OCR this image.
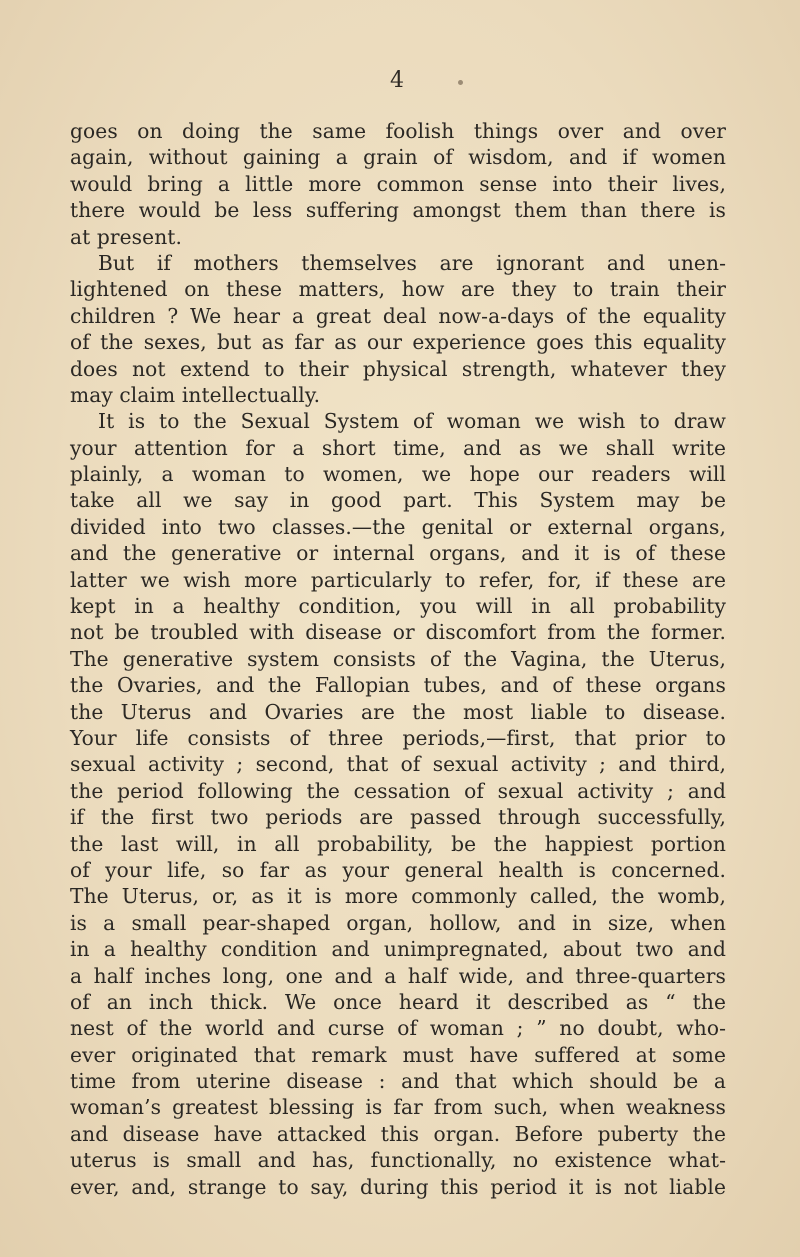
4
goes on doing the same foolish things over and over
again, without gaining a grain of wisdom, and if women
would bring a little more common sense into their lives,
there would be less suffering amongst them than there is
at present.
But if mothers themselves are ignorant and unen-
lightened on these matters, how are they to train their
children ? We hear a great deal now-a-days of the equality
of the sexes, but as far as our experience goes this equality
does not extend to their physical strength, whatever they
may claim intellectually.
It is to the Sexual System of woman we wish to draw
your attention for a short time, and as we shall write
plainly, a woman to women, we hope our readers will
take all we say in good part. This System may be
divided into two classes.—the genital or external organs,
and the generative or internal organs, and it is of these
latter we wish more particularly to refer, for, if these are
kept in a healthy condition, you will in all probability
not be troubled with disease or discomfort from the former.
The generative system consists of the Vagina, the Uterus,
the Ovaries, and the Fallopian tubes, and of these organs
the Uterus and Ovaries are the most liable to disease.
Your life consists of three periods,—first, that prior to
sexual activity ; second, that of sexual activity ; and third,
the period following the cessation of sexual activity ; and
if the first two periods are passed through successfully,
the last will, in all probability, be the happiest portion
of your life, so far as your general health is concerned.
The Uterus, or, as it is more commonly called, the womb,
is a small pear-shaped organ, hollow, and in size, when
in a healthy condition and unimpregnated, about two and
a half inches long, one and a half wide, and three-quarters
of an inch thick. We once heard it described as “ the
nest of the world and curse of woman ; ” no doubt, who-
ever originated that remark must have suffered at some
time from uterine disease : and that which should be a
woman’s greatest blessing is far from such, when weakness
and disease have attacked this organ. Before puberty the
uterus is small and has, functionally, no existence what-
ever, and, strange to say, during this period it is not liable
